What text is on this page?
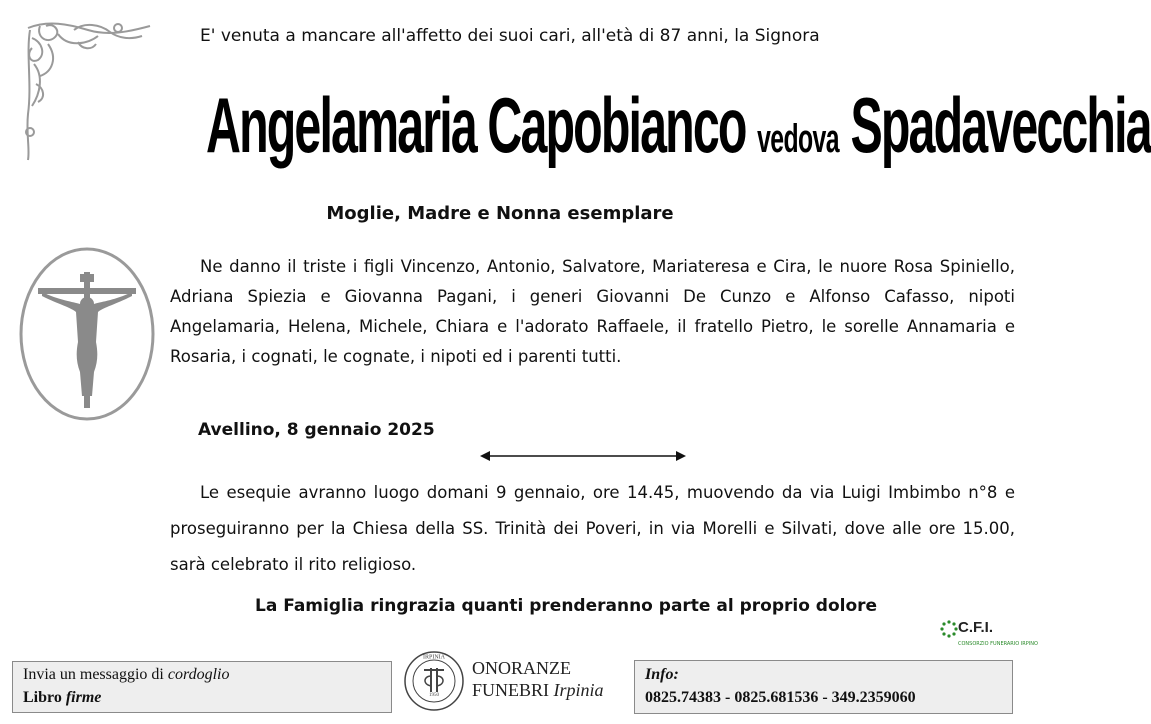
E' venuta a mancare all'affetto dei suoi cari, all'età di 87 anni, la Signora
Angelamaria Capobianco vedova Spadavecchia
Moglie, Madre e Nonna esemplare
Ne danno il triste i figli Vincenzo, Antonio, Salvatore, Mariateresa e Cira, le nuore Rosa Spiniello, Adriana Spiezia e Giovanna Pagani, i generi Giovanni De Cunzo e Alfonso Cafasso, nipoti Angelamaria, Helena, Michele, Chiara e l'adorato Raffaele, il fratello Pietro, le sorelle Annamaria e Rosaria, i cognati, le cognate, i nipoti ed i parenti tutti.
Avellino, 8 gennaio 2025
Le esequie avranno luogo domani 9 gennaio, ore 14.45, muovendo da via Luigi Imbimbo n°8 e proseguiranno per la Chiesa della SS. Trinità dei Poveri, in via Morelli e Silvati, dove alle ore 15.00, sarà celebrato il rito religioso.
La Famiglia ringrazia quanti prenderanno parte al proprio dolore
C.F.I.
CONSORZIO FUNERARIO IRPINO
Invia un messaggio di cordoglio
Libro firme
IRPINIA
1950
ONORANZE
FUNEBRI Irpinia
Info:
0825.74383 - 0825.681536 - 349.2359060
